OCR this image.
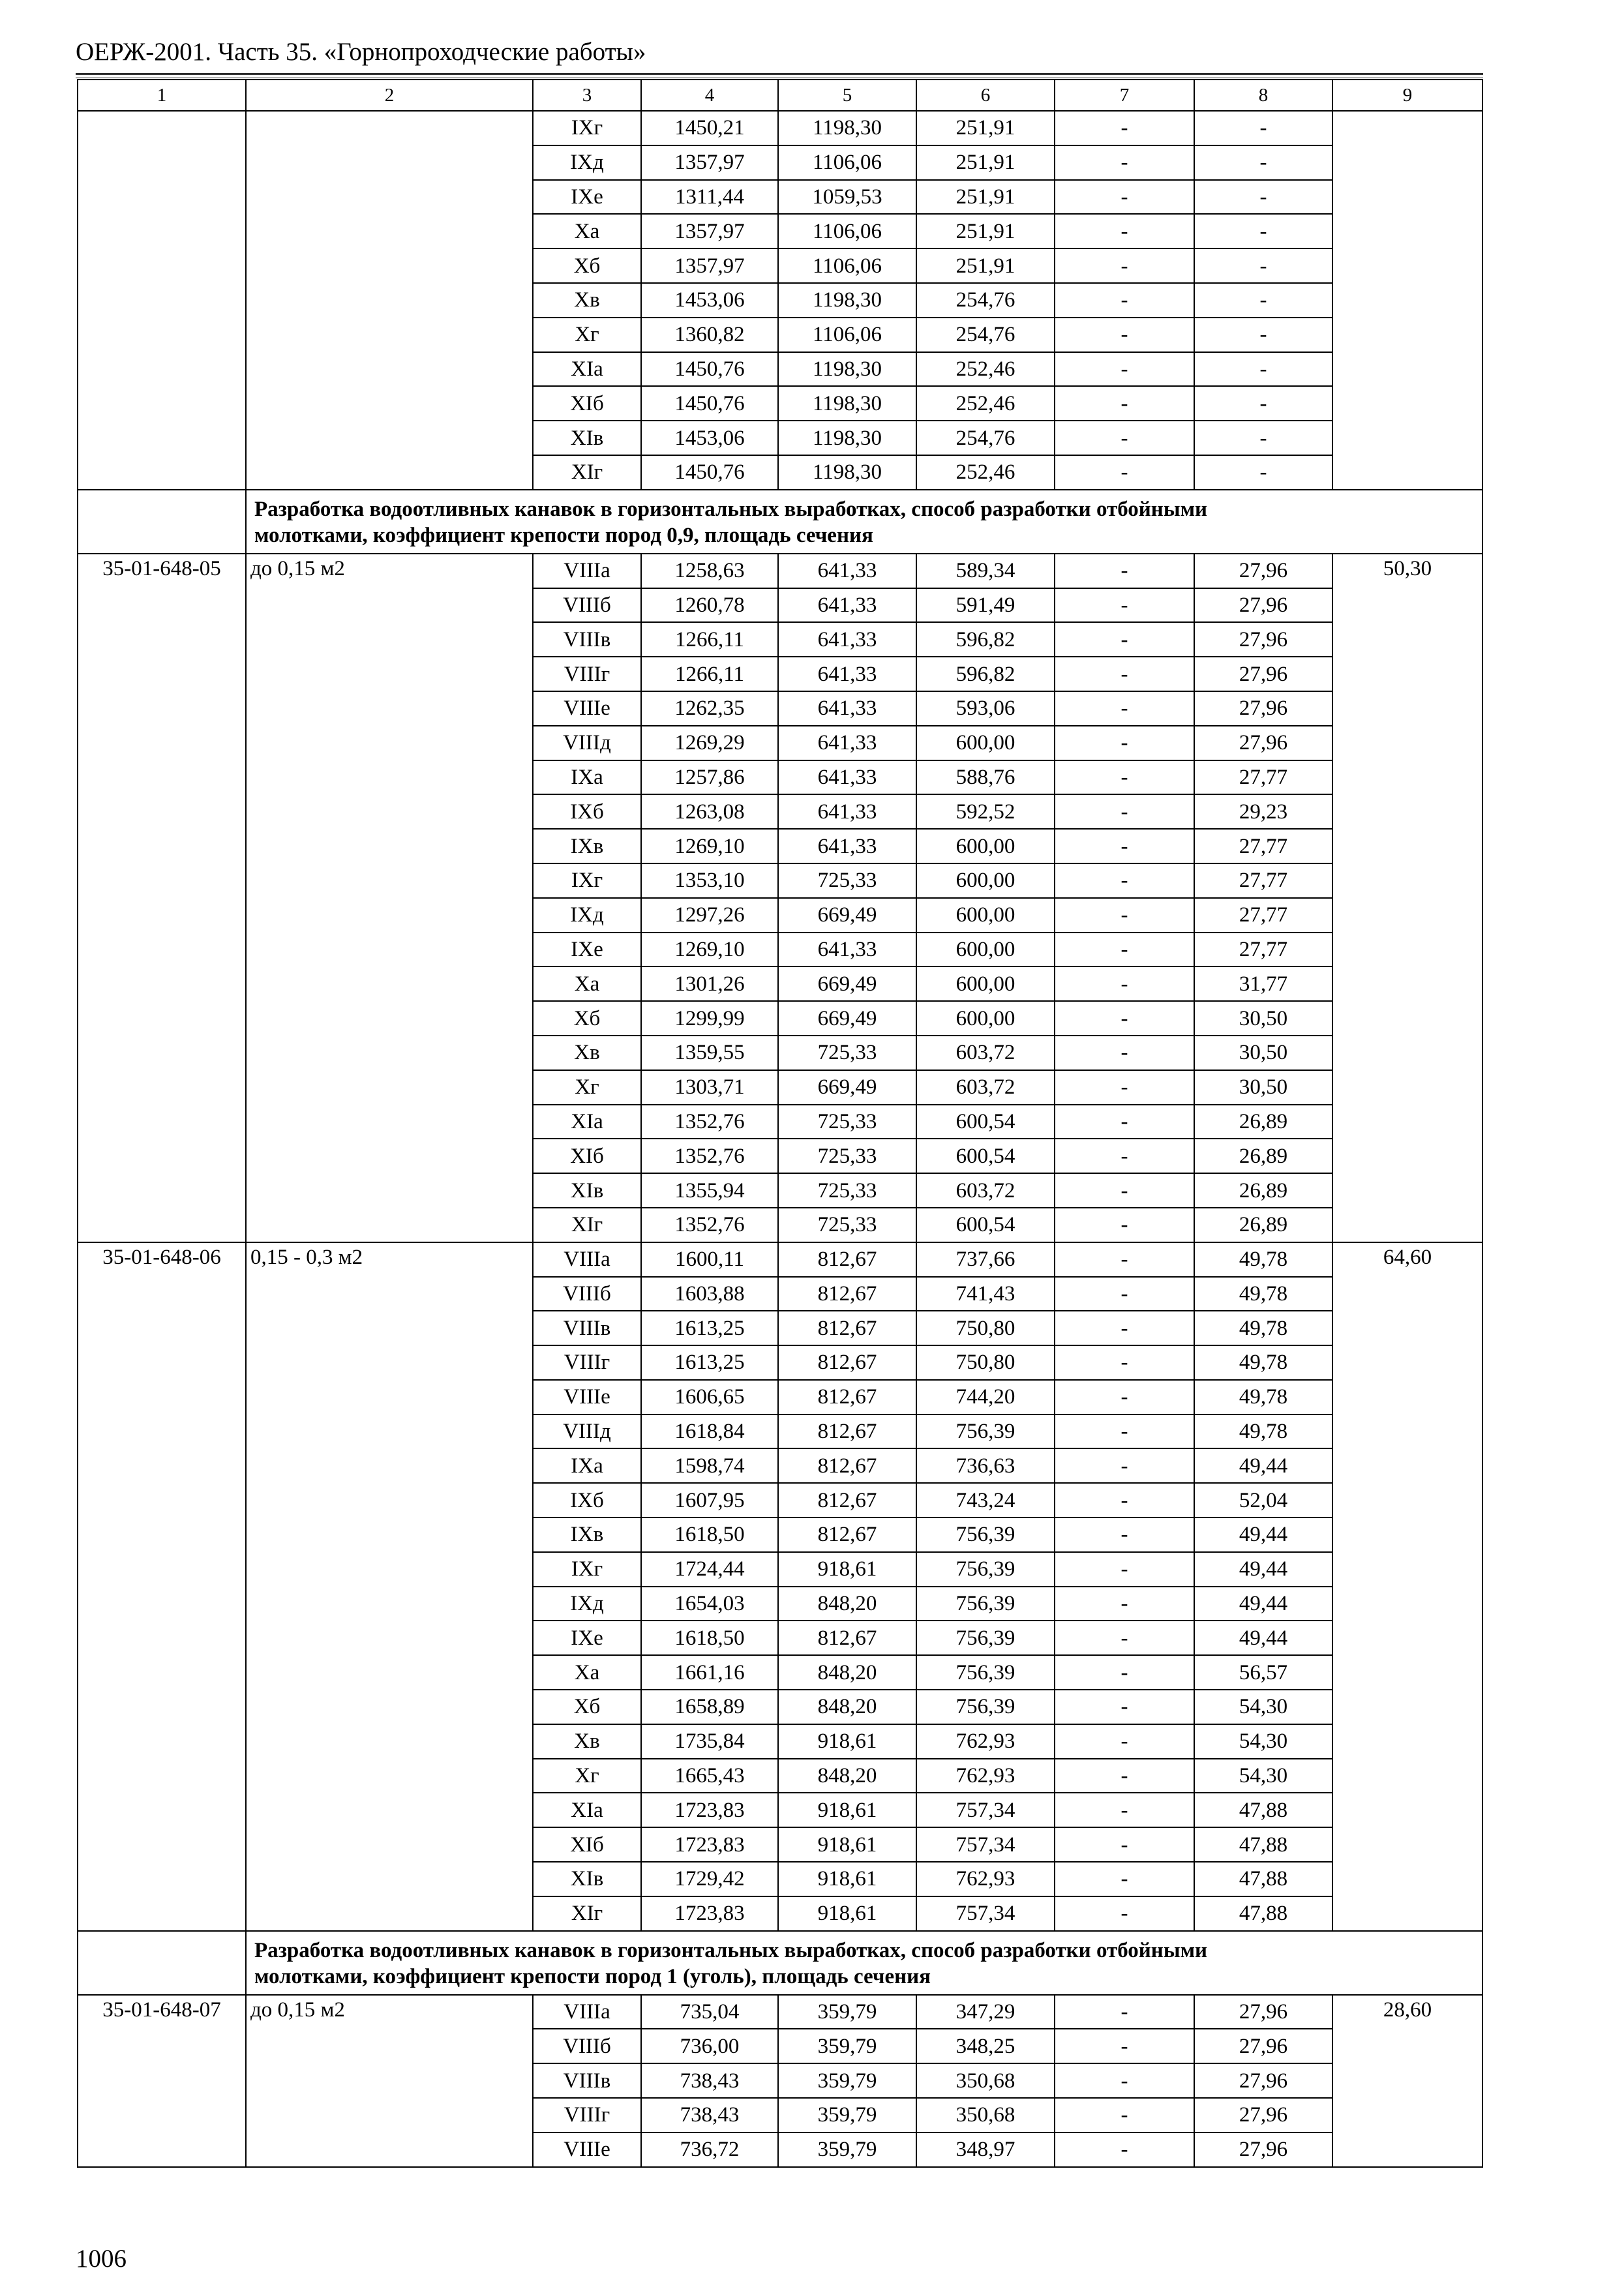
ОЕРЖ-2001. Часть 35. «Горнопроходческие работы»
1	2	3	4	5	6	7	8	9
		IXг	1450,21	1198,30	251,91	-	-	
		IXд	1357,97	1106,06	251,91	-	-	
		IXе	1311,44	1059,53	251,91	-	-	
		Xа	1357,97	1106,06	251,91	-	-	
		Xб	1357,97	1106,06	251,91	-	-	
		Xв	1453,06	1198,30	254,76	-	-	
		Xг	1360,82	1106,06	254,76	-	-	
		XIа	1450,76	1198,30	252,46	-	-	
		XIб	1450,76	1198,30	252,46	-	-	
		XIв	1453,06	1198,30	254,76	-	-	
		XIг	1450,76	1198,30	252,46	-	-	

	Разработка водоотливных канавок в горизонтальных выработках, способ разработки отбойными
молотками, коэффициент крепости пород 0,9, площадь сечения							

35-01-648-05	до 0,15 м2	VIIIа	1258,63	641,33	589,34	-	27,96	50,30
		VIIIб	1260,78	641,33	591,49	-	27,96	
		VIIIв	1266,11	641,33	596,82	-	27,96	
		VIIIг	1266,11	641,33	596,82	-	27,96	
		VIIIе	1262,35	641,33	593,06	-	27,96	
		VIIIд	1269,29	641,33	600,00	-	27,96	
		IXа	1257,86	641,33	588,76	-	27,77	
		IXб	1263,08	641,33	592,52	-	29,23	
		IXв	1269,10	641,33	600,00	-	27,77	
		IXг	1353,10	725,33	600,00	-	27,77	
		IXд	1297,26	669,49	600,00	-	27,77	
		IXе	1269,10	641,33	600,00	-	27,77	
		Xа	1301,26	669,49	600,00	-	31,77	
		Xб	1299,99	669,49	600,00	-	30,50	
		Xв	1359,55	725,33	603,72	-	30,50	
		Xг	1303,71	669,49	603,72	-	30,50	
		XIа	1352,76	725,33	600,54	-	26,89	
		XIб	1352,76	725,33	600,54	-	26,89	
		XIв	1355,94	725,33	603,72	-	26,89	
		XIг	1352,76	725,33	600,54	-	26,89	
35-01-648-06	0,15 - 0,3 м2	VIIIа	1600,11	812,67	737,66	-	49,78	64,60
		VIIIб	1603,88	812,67	741,43	-	49,78	
		VIIIв	1613,25	812,67	750,80	-	49,78	
		VIIIг	1613,25	812,67	750,80	-	49,78	
		VIIIе	1606,65	812,67	744,20	-	49,78	
		VIIIд	1618,84	812,67	756,39	-	49,78	
		IXа	1598,74	812,67	736,63	-	49,44	
		IXб	1607,95	812,67	743,24	-	52,04	
		IXв	1618,50	812,67	756,39	-	49,44	
		IXг	1724,44	918,61	756,39	-	49,44	
		IXд	1654,03	848,20	756,39	-	49,44	
		IXе	1618,50	812,67	756,39	-	49,44	
		Xа	1661,16	848,20	756,39	-	56,57	
		Xб	1658,89	848,20	756,39	-	54,30	
		Xв	1735,84	918,61	762,93	-	54,30	
		Xг	1665,43	848,20	762,93	-	54,30	
		XIа	1723,83	918,61	757,34	-	47,88	
		XIб	1723,83	918,61	757,34	-	47,88	
		XIв	1729,42	918,61	762,93	-	47,88	
		XIг	1723,83	918,61	757,34	-	47,88	

	Разработка водоотливных канавок в горизонтальных выработках, способ разработки отбойными
молотками, коэффициент крепости пород 1 (уголь), площадь сечения							

35-01-648-07	до 0,15 м2	VIIIа	735,04	359,79	347,29	-	27,96	28,60
		VIIIб	736,00	359,79	348,25	-	27,96	
		VIIIв	738,43	359,79	350,68	-	27,96	
		VIIIг	738,43	359,79	350,68	-	27,96	
		VIIIе	736,72	359,79	348,97	-	27,96	
1006
